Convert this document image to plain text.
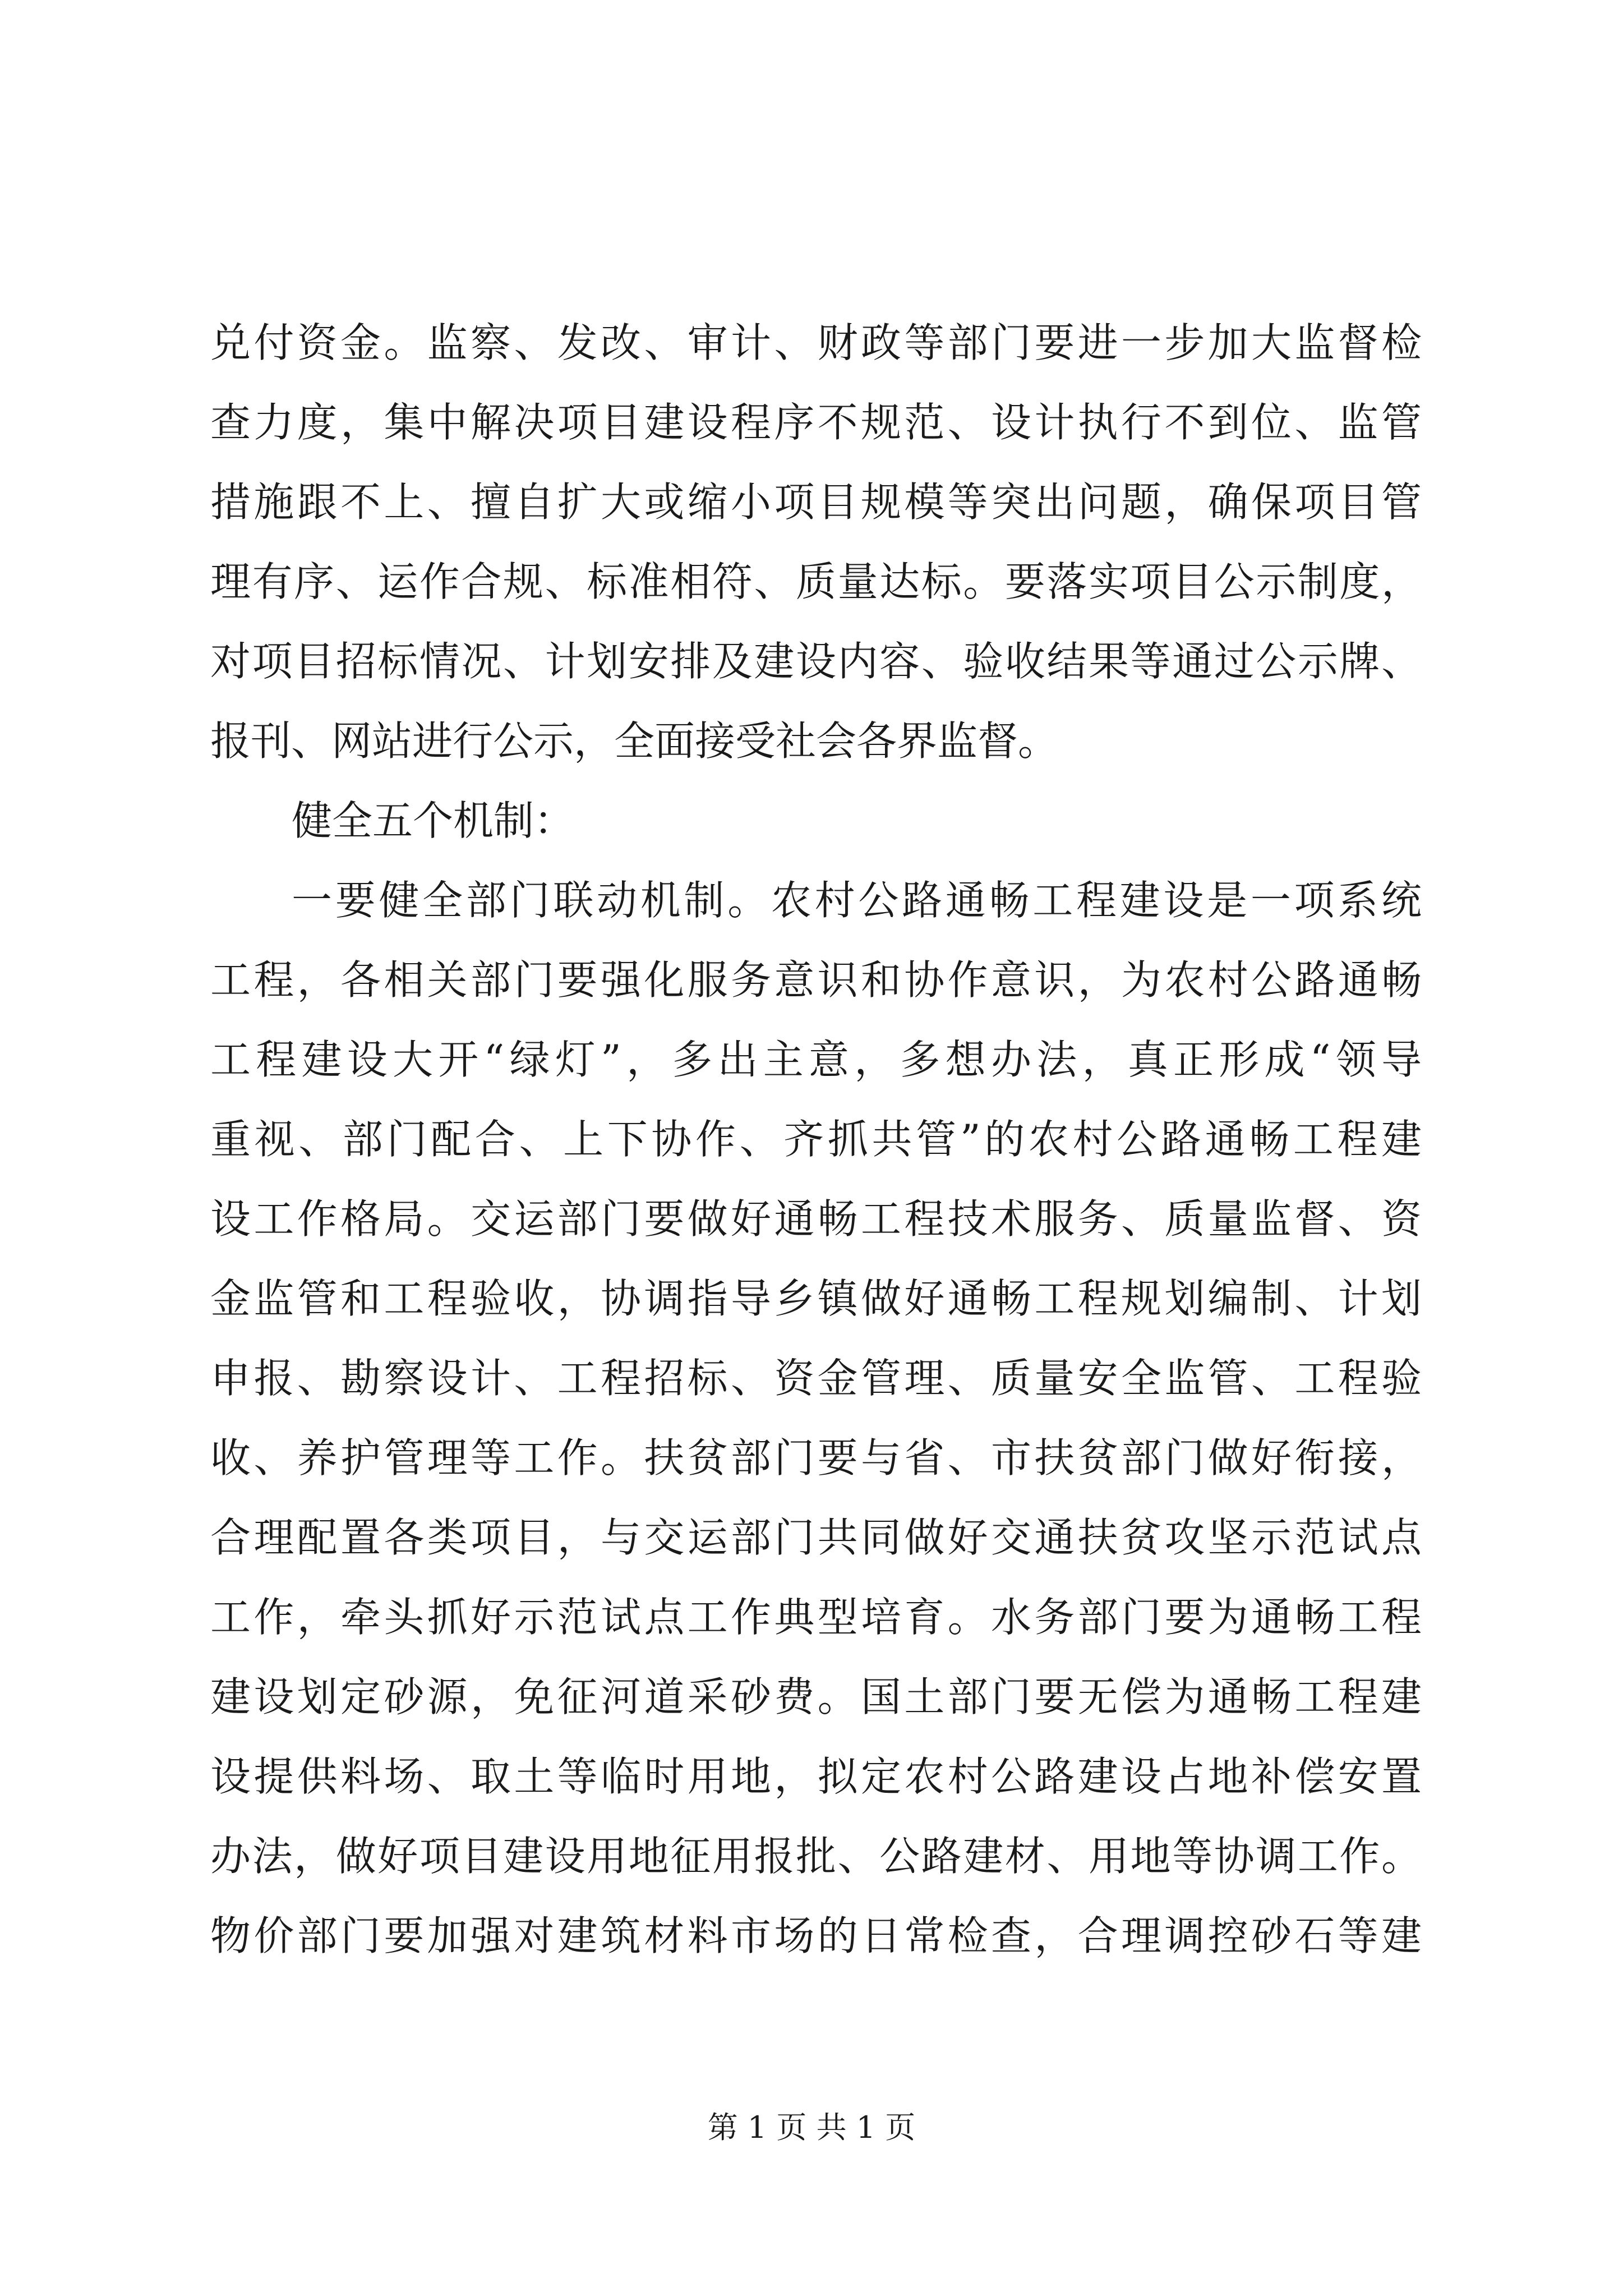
兑付资金。监察、发改、审计、财政等部门要进一步加大监督检
查力度，集中解决项目建设程序不规范、设计执行不到位、监管
措施跟不上、擅自扩大或缩小项目规模等突出问题，确保项目管
理有序、运作合规、标准相符、质量达标。要落实项目公示制度，
对项目招标情况、计划安排及建设内容、验收结果等通过公示牌、
报刊、网站进行公示，全面接受社会各界监督。
健全五个机制：
一要健全部门联动机制。农村公路通畅工程建设是一项系统
工程，各相关部门要强化服务意识和协作意识，为农村公路通畅
工程建设大开“绿灯”，多出主意，多想办法，真正形成“领导
重视、部门配合、上下协作、齐抓共管”的农村公路通畅工程建
设工作格局。交运部门要做好通畅工程技术服务、质量监督、资
金监管和工程验收，协调指导乡镇做好通畅工程规划编制、计划
申报、勘察设计、工程招标、资金管理、质量安全监管、工程验
收、养护管理等工作。扶贫部门要与省、市扶贫部门做好衔接，
合理配置各类项目，与交运部门共同做好交通扶贫攻坚示范试点
工作，牵头抓好示范试点工作典型培育。水务部门要为通畅工程
建设划定砂源，免征河道采砂费。国土部门要无偿为通畅工程建
设提供料场、取土等临时用地，拟定农村公路建设占地补偿安置
办法，做好项目建设用地征用报批、公路建材、用地等协调工作。
物价部门要加强对建筑材料市场的日常检查，合理调控砂石等建
第 1 页 共 1 页
